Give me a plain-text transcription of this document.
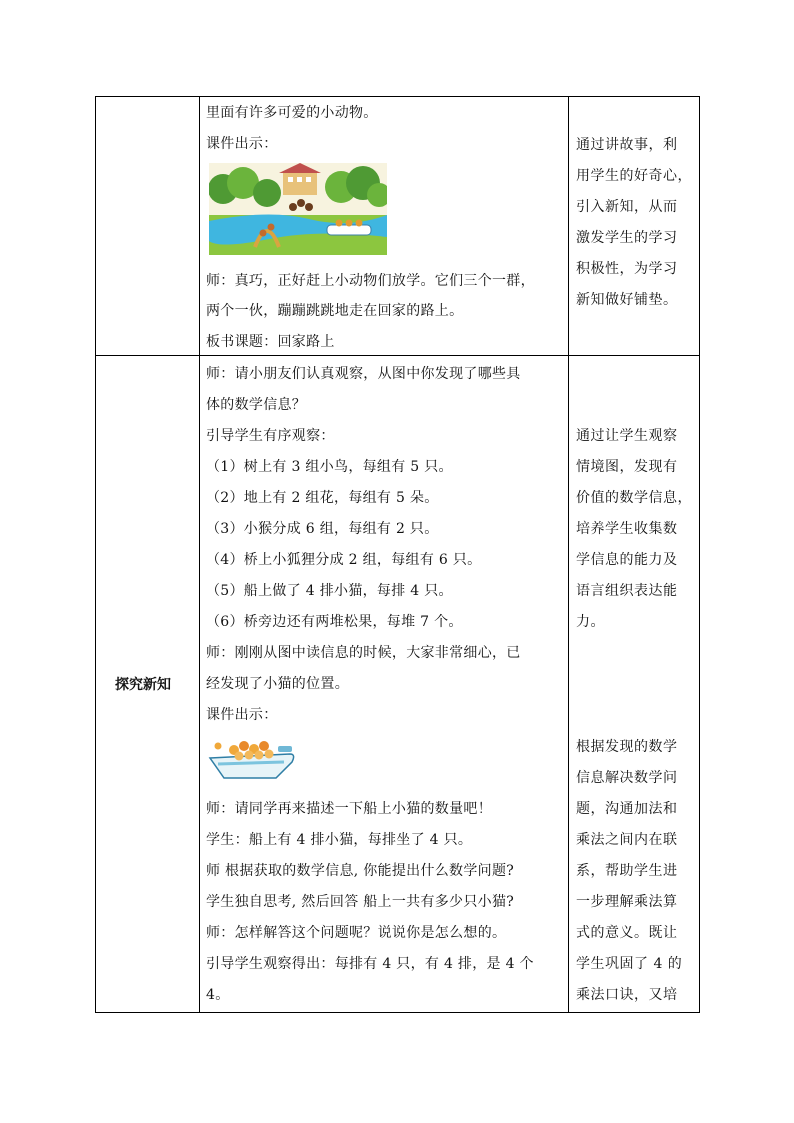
里面有许多可爱的小动物。
课件出示：
师：真巧，正好赶上小动物们放学。它们三个一群，
两个一伙，蹦蹦跳跳地走在回家的路上。
板书课题：回家路上
通过讲故事，利
用学生的好奇心，
引入新知，从而
激发学生的学习
积极性，为学习
新知做好铺垫。
探究新知
师：请小朋友们认真观察，从图中你发现了哪些具
体的数学信息？
引导学生有序观察：
（1）树上有 3 组小鸟，每组有 5 只。
（2）地上有 2 组花，每组有 5 朵。
（3）小猴分成 6 组，每组有 2 只。
（4）桥上小狐狸分成 2 组，每组有 6 只。
（5）船上做了 4 排小猫，每排 4 只。
（6）桥旁边还有两堆松果，每堆 7 个。
师：刚刚从图中读信息的时候，大家非常细心，已
经发现了小猫的位置。
课件出示：
师：请同学再来描述一下船上小猫的数量吧！
学生：船上有 4 排小猫，每排坐了 4 只。
师 根据获取的数学信息, 你能提出什么数学问题?
学生独自思考, 然后回答 船上一共有多少只小猫?
师：怎样解答这个问题呢？说说你是怎么想的。
引导学生观察得出：每排有 4 只，有 4 排，是 4 个
4。
通过让学生观察
情境图，发现有
价值的数学信息，
培养学生收集数
学信息的能力及
语言组织表达能
力。
根据发现的数学
信息解决数学问
题，沟通加法和
乘法之间内在联
系，帮助学生进
一步理解乘法算
式的意义。既让
学生巩固了 4 的
乘法口诀，又培
